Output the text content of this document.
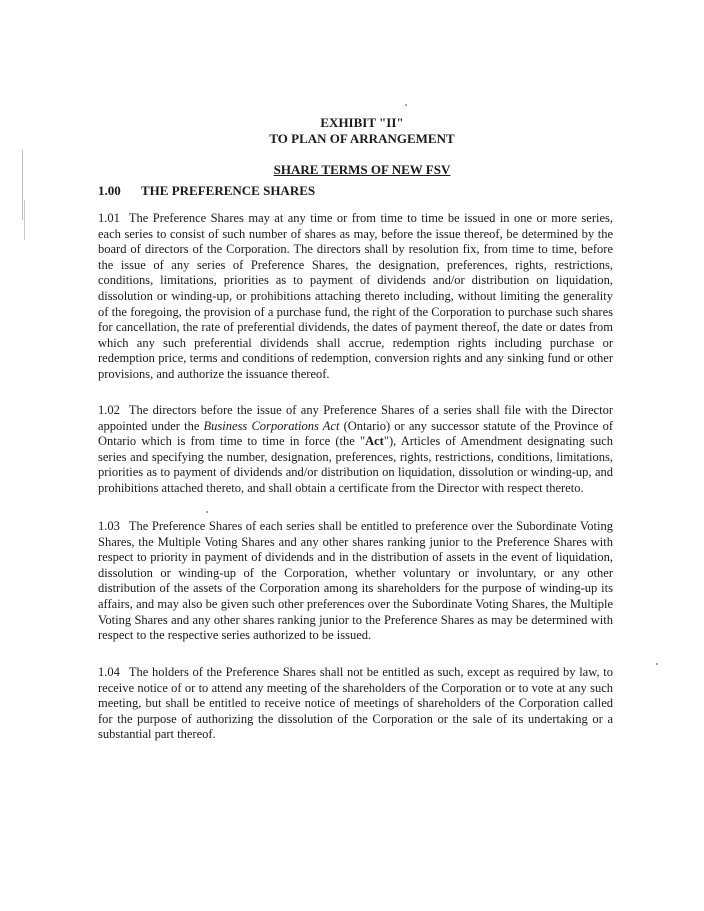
EXHIBIT "II"
TO PLAN OF ARRANGEMENT
SHARE TERMS OF NEW FSV
1.00 THE PREFERENCE SHARES

1.01 The Preference Shares may at any time or from time to time be issued in one or more series, each series to consist of such number of shares as may, before the issue thereof, be determined by the board of directors of the Corporation. The directors shall by resolution fix, from time to time, before the issue of any series of Preference Shares, the designation, preferences, rights, restrictions, conditions, limitations, priorities as to payment of dividends and/or distribution on liquidation, dissolution or winding-up, or prohibitions attaching thereto including, without limiting the generality of the foregoing, the provision of a purchase fund, the right of the Corporation to purchase such shares for cancellation, the rate of preferential dividends, the dates of payment thereof, the date or dates from which any such preferential dividends shall accrue, redemption rights including purchase or redemption price, terms and conditions of redemption, conversion rights and any sinking fund or other provisions, and authorize the issuance thereof.

1.02 The directors before the issue of any Preference Shares of a series shall file with the Director appointed under the Business Corporations Act (Ontario) or any successor statute of the Province of Ontario which is from time to time in force (the "Act"), Articles of Amendment designating such series and specifying the number, designation, preferences, rights, restrictions, conditions, limitations, priorities as to payment of dividends and/or distribution on liquidation, dissolution or winding-up, and prohibitions attached thereto, and shall obtain a certificate from the Director with respect thereto.

1.03 The Preference Shares of each series shall be entitled to preference over the Subordinate Voting Shares, the Multiple Voting Shares and any other shares ranking junior to the Preference Shares with respect to priority in payment of dividends and in the distribution of assets in the event of liquidation, dissolution or winding-up of the Corporation, whether voluntary or involuntary, or any other distribution of the assets of the Corporation among its shareholders for the purpose of winding-up its affairs, and may also be given such other preferences over the Subordinate Voting Shares, the Multiple Voting Shares and any other shares ranking junior to the Preference Shares as may be determined with respect to the respective series authorized to be issued.

1.04 The holders of the Preference Shares shall not be entitled as such, except as required by law, to receive notice of or to attend any meeting of the shareholders of the Corporation or to vote at any such meeting, but shall be entitled to receive notice of meetings of shareholders of the Corporation called for the purpose of authorizing the dissolution of the Corporation or the sale of its undertaking or a substantial part thereof.
